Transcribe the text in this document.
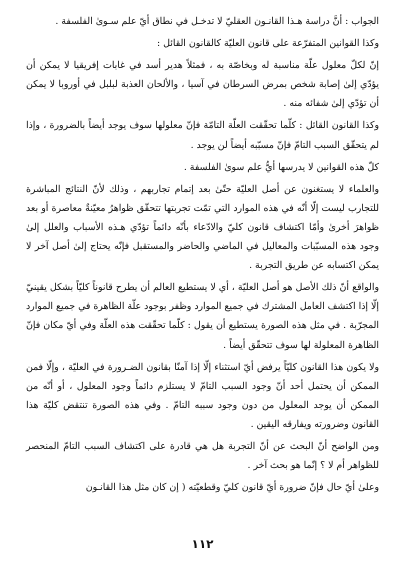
الجواب : أنَّ دراسة هـذا القانـون العقليّ لا تدخـل في نطاق أيّ علم سـوىٰ الفلسفة .

وكذا القوانين المتفرّعة على قانون العليّة كالقانون القائل :

إنّ لكلّ معلول علّة مناسبة له وبخاصّة به ، فمثلاً هدير أسد في غابات إفريقيا لا يمكن أن يؤدّي إلىٰ إصابة شخص بمرض السرطان في آسيا ، والألحان العذبة لبلبل في أوروبا لا يمكن أن تؤدّي إلىٰ شفائه منه .

وكذا القانون القائل : كلّما تحقّقت العلّة التامّة فإنّ معلولها سوف يوجد أيضاً بالضرورة ، وإذا لم يتحقّق السبب التامّ فإنّ مسبّبه أيضاً لن يوجد .

كلّ هذه القوانين لا يدرسها أيُّ علم سوىٰ الفلسفة .

والعلماء لا يستغنون عن أصل العليّة حتّىٰ بعد إتمام تجاربهم ، وذلك لأنّ النتائج المباشرة للتجارب ليست إلّا أنّه في هذه الموارد التي تمّت تجربتها تتحقّق ظواهرُ معيّنةٌ معاصرة أو بعد ظواهرَ أخرىٰ وأمّا اكتشاف قانون كليّ والادّعاء بأنّه دائماً تؤدّي هـذه الأسباب والعلل إلىٰ وجود هذه المسبّبات والمعاليل في الماضي والحاضر والمستقبل فإنّه يحتاج إلىٰ أصل آخر لا يمكن اكتسابه عن طريق التجربة .

والواقع أنّ ذلك الأصل هو أصل العليّة ، أي لا يستطيع العالم أن يطرح قانوناً كليّاً بشكل يقينيّ إلّا إذا اكتشف العامل المشترك في جميع الموارد وظفر بوجود علّة الظاهرة في جميع الموارد المجرّبة . في مثل هذه الصورة يستطيع أن يقول : كلّما تحقّقت هذه العلّة وفي أيّ مكان فإنّ الظاهرة المعلولة لها سوف تتحقّق أيضاً .

ولا يكون هذا القانون كليّاً يرفض أيّ استثناء إلّا إذا آمنّا بقانون الضـرورة في العليّة ، وإلّا فمن الممكن أن يحتمل أحد أنّ وجود السبب التامّ لا يستلزم دائماً وجود المعلول ، أو أنّه من الممكن أن يوجد المعلول من دون وجود سببه التامّ . وفي هذه الصورة تنتقض كليّة هذا القانون وضرورته ويفارقه اليقين .

ومن الواضح أنّ البحث عن أنّ التجربة هل هي قادرة على اكتشاف السبب التامّ المنحصر للظواهر أم لا ؟ إنّما هو بحث آخر .

وعلىٰ أيّ حال فإنّ ضرورة أيّ قانون كليّ وقطعيّته ( إن كان مثل هذا القانـون

١١٢
